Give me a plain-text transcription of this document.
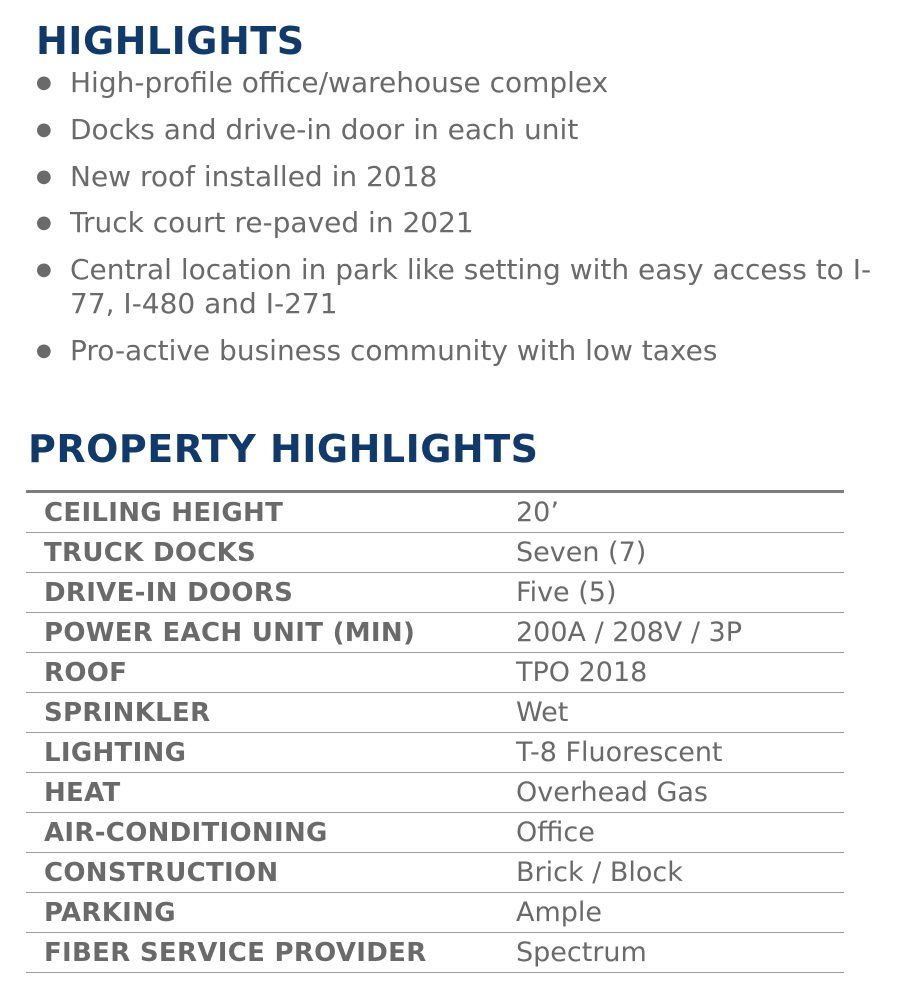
HIGHLIGHTS
● High-profile office/warehouse complex
● Docks and drive-in door in each unit
● New roof installed in 2018
● Truck court re-paved in 2021
● Central location in park like setting with easy access to I-77, I-480 and I-271
● Pro-active business community with low taxes
PROPERTY HIGHLIGHTS
CEILING HEIGHT	20’
TRUCK DOCKS	Seven (7)
DRIVE-IN DOORS	Five (5)
POWER EACH UNIT (MIN)	200A / 208V / 3P
ROOF	TPO 2018
SPRINKLER	Wet
LIGHTING	T-8 Fluorescent
HEAT	Overhead Gas
AIR-CONDITIONING	Office
CONSTRUCTION	Brick / Block
PARKING	Ample
FIBER SERVICE PROVIDER	Spectrum
